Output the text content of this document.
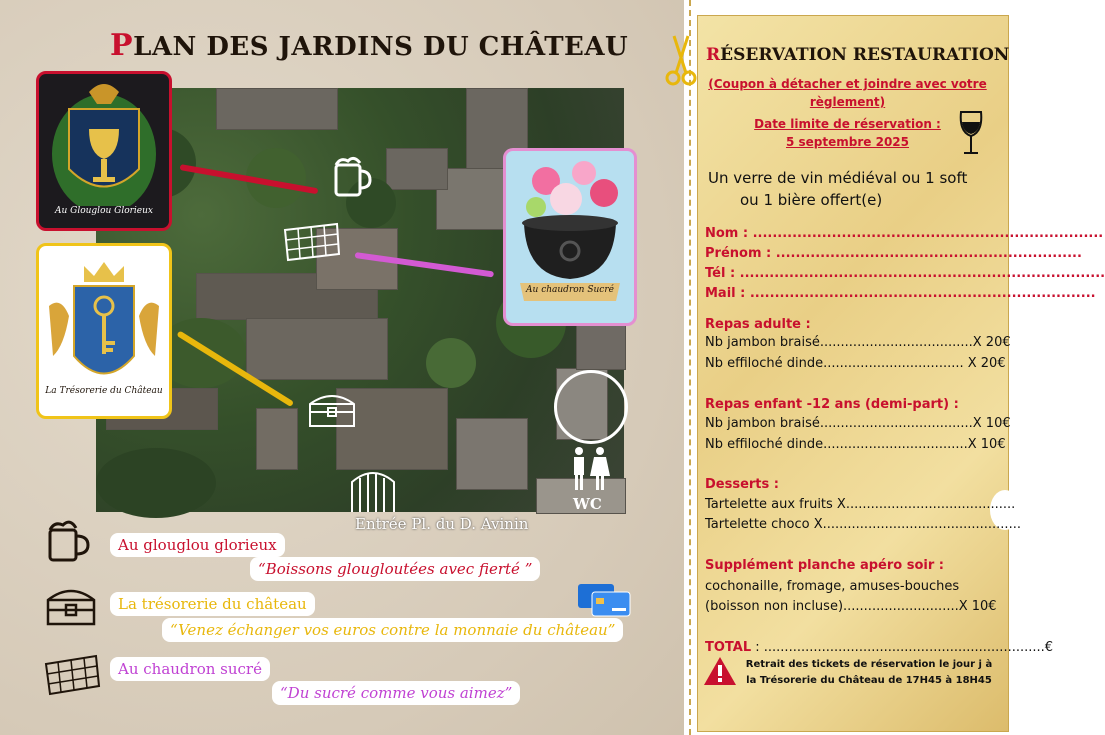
PLAN DES JARDINS DU CHÂTEAU
Au Glouglou Glorieux
La Trésorerie du Château
Au chaudron Sucré
Entrée Pl. du D. Avinin
WC
Au glouglou glorieux
“Boissons glougloutées avec fierté ”
La trésorerie du château
“Venez échanger vos euros contre la monnaie du château”
Au chaudron sucré
“Du sucré comme vous aimez”
RÉSERVATION RESTAURATION
(Coupon à détacher et joindre avec votre
règlement)
Date limite de réservation :
5 septembre 2025
Un verre de vin médiéval ou 1 soft
ou 1 bière offert(e)
Nom : .......................................................................
Prénom : ..............................................................
Tél : ..........................................................................
Mail : ......................................................................
Repas adulte :
Nb jambon braisé.....................................X 20€
Nb effiloché dinde.................................. X 20€
Repas enfant -12 ans (demi-part) :
Nb jambon braisé.....................................X 10€
Nb effiloché dinde...................................X 10€
Desserts :
Tartelette aux fruits X.........................................
Tartelette choco X................................................
Supplément planche apéro soir :
cochonaille, fromage, amuses-bouches
(boisson non incluse)............................X 10€
TOTAL : ....................................................................€
Retrait des tickets de réservation le jour j à
la Trésorerie du Château de 17H45 à 18H45
